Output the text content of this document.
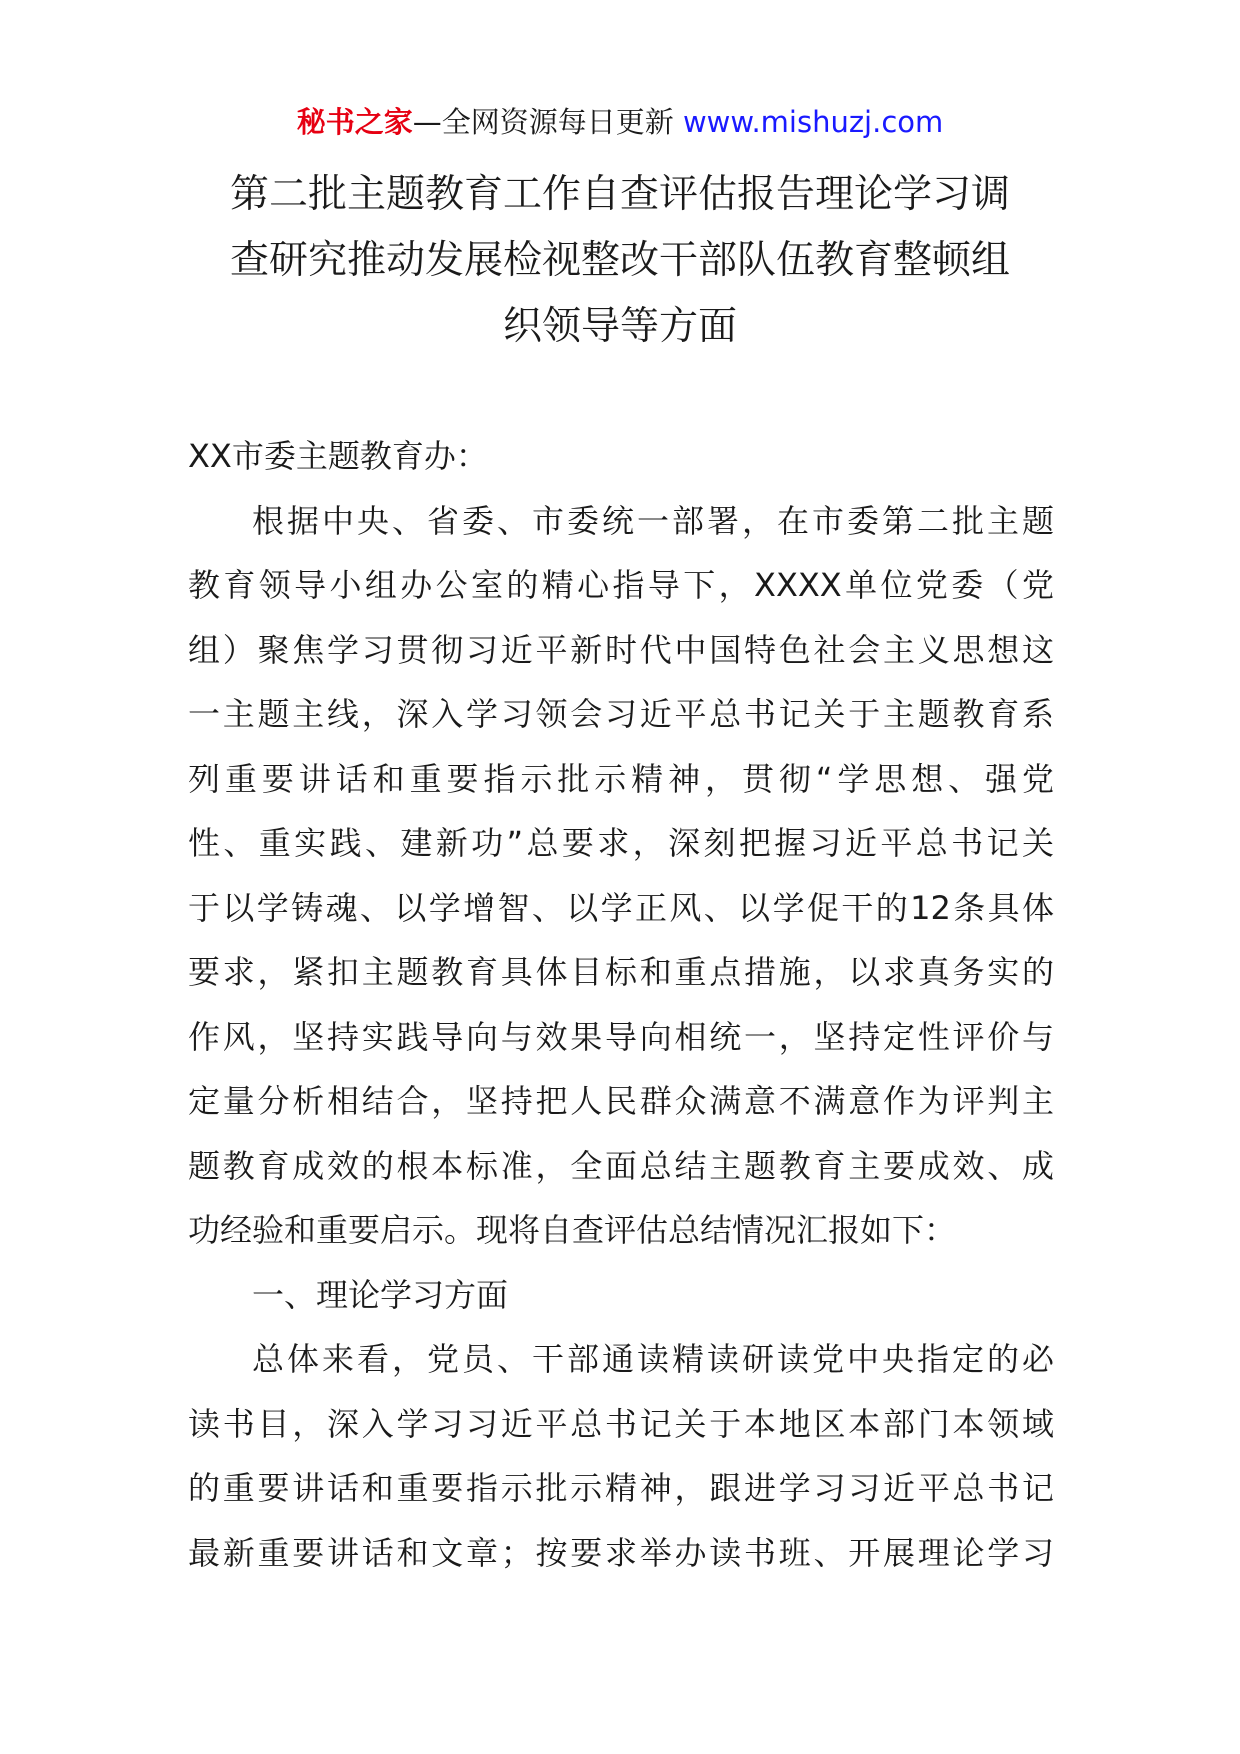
秘书之家—全网资源每日更新 www.mishuzj.com
第二批主题教育工作自查评估报告理论学习调
查研究推动发展检视整改干部队伍教育整顿组
织领导等方面
XX市委主题教育办：
根据中央、省委、市委统一部署，在市委第二批主题
教育领导小组办公室的精心指导下，XXXX单位党委（党
组）聚焦学习贯彻习近平新时代中国特色社会主义思想这
一主题主线，深入学习领会习近平总书记关于主题教育系
列重要讲话和重要指示批示精神，贯彻“学思想、强党
性、重实践、建新功”总要求，深刻把握习近平总书记关
于以学铸魂、以学增智、以学正风、以学促干的12条具体
要求，紧扣主题教育具体目标和重点措施，以求真务实的
作风，坚持实践导向与效果导向相统一，坚持定性评价与
定量分析相结合，坚持把人民群众满意不满意作为评判主
题教育成效的根本标准，全面总结主题教育主要成效、成
功经验和重要启示。现将自查评估总结情况汇报如下：
一、理论学习方面
总体来看，党员、干部通读精读研读党中央指定的必
读书目，深入学习习近平总书记关于本地区本部门本领域
的重要讲话和重要指示批示精神，跟进学习习近平总书记
最新重要讲话和文章；按要求举办读书班、开展理论学习
